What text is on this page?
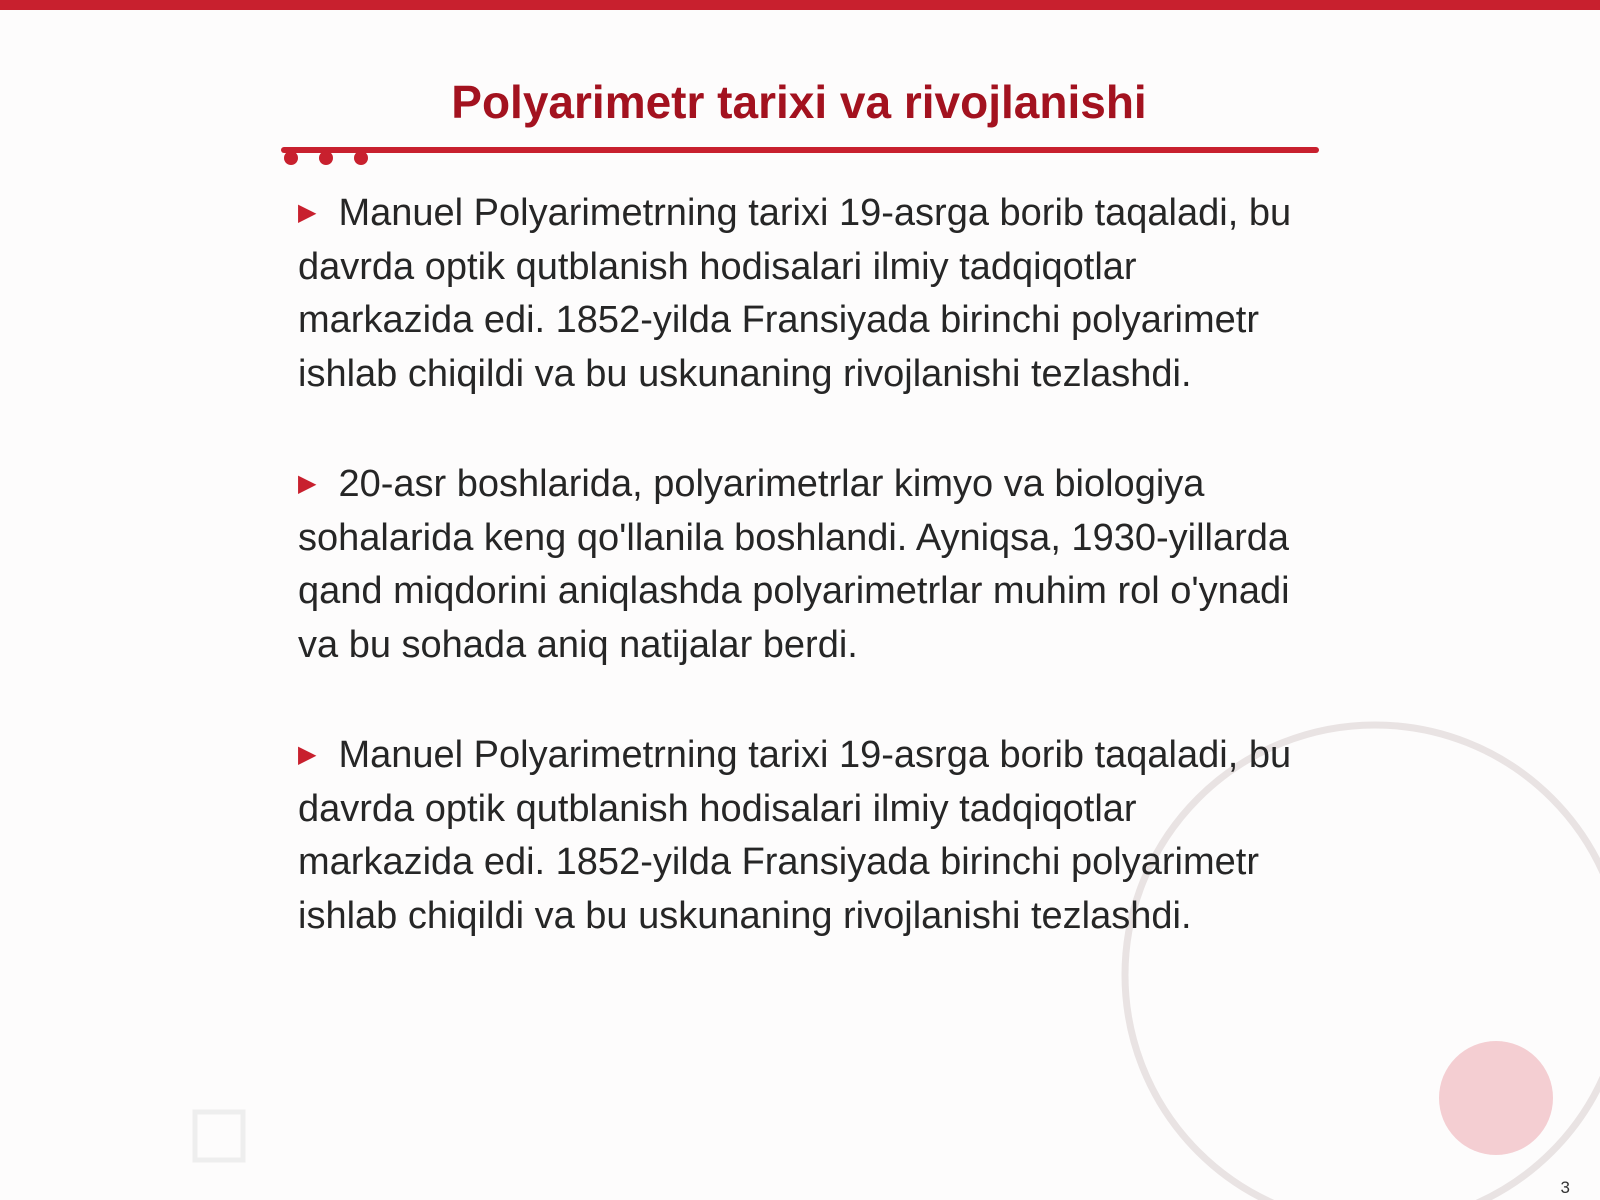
Polyarimetr tarixi va rivojlanishi

▶ Manuel Polyarimetrning tarixi 19-asrga borib taqaladi, bu davrda optik qutblanish hodisalari ilmiy tadqiqotlar markazida edi. 1852-yilda Fransiyada birinchi polyarimetr ishlab chiqildi va bu uskunaning rivojlanishi tezlashdi.

▶ 20-asr boshlarida, polyarimetrlar kimyo va biologiya sohalarida keng qo'llanila boshlandi. Ayniqsa, 1930-yillarda qand miqdorini aniqlashda polyarimetrlar muhim rol o'ynadi va bu sohada aniq natijalar berdi.

▶ Manuel Polyarimetrning tarixi 19-asrga borib taqaladi, bu davrda optik qutblanish hodisalari ilmiy tadqiqotlar markazida edi. 1852-yilda Fransiyada birinchi polyarimetr ishlab chiqildi va bu uskunaning rivojlanishi tezlashdi.

3
